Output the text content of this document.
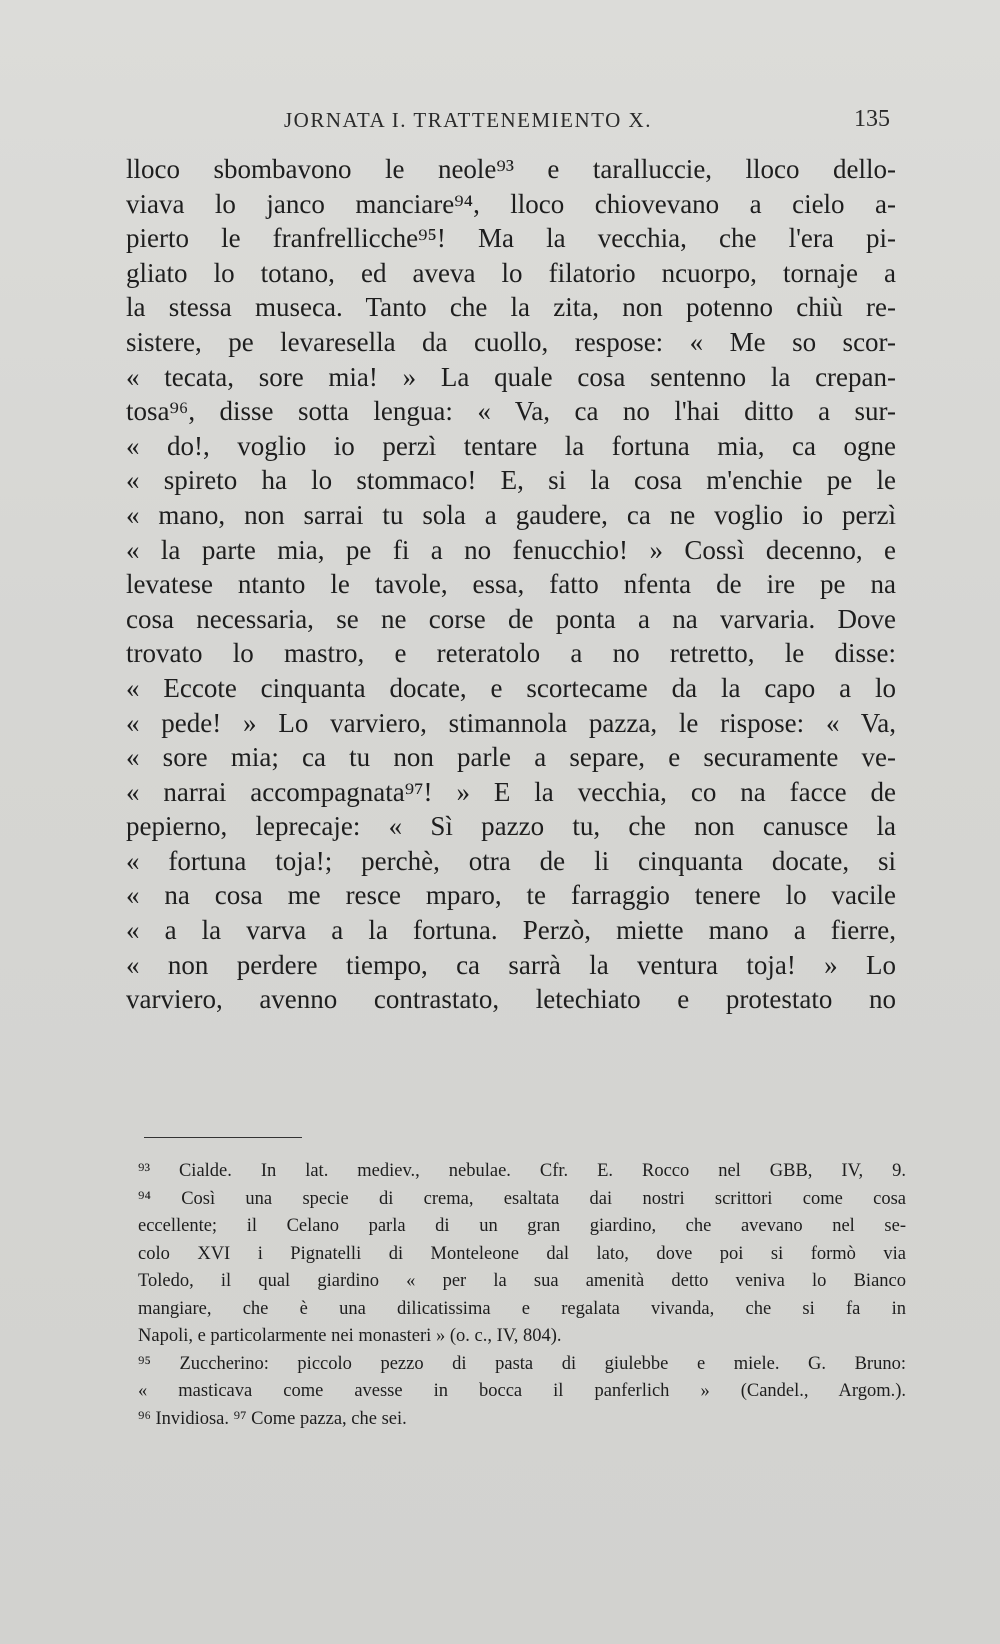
JORNATA I. TRATTENEMIENTO X.	135
lloco sbombavono le neole⁹³ e taralluccie, lloco dello-
viava lo janco manciare⁹⁴, lloco chiovevano a cielo a-
pierto le franfrellicche⁹⁵! Ma la vecchia, che l'era pi-
gliato lo totano, ed aveva lo filatorio ncuorpo, tornaje a
la stessa museca. Tanto che la zita, non potenno chiù re-
sistere, pe levaresella da cuollo, respose: « Me so scor-
« tecata, sore mia! » La quale cosa sentenno la crepan-
tosa⁹⁶, disse sotta lengua: « Va, ca no l'hai ditto a sur-
« do!, voglio io perzì tentare la fortuna mia, ca ogne
« spireto ha lo stommaco! E, si la cosa m'enchie pe le
« mano, non sarrai tu sola a gaudere, ca ne voglio io perzì
« la parte mia, pe fi a no fenucchio! » Cossì decenno, e
levatese ntanto le tavole, essa, fatto nfenta de ire pe na
cosa necessaria, se ne corse de ponta a na varvaria. Dove
trovato lo mastro, e reteratolo a no retretto, le disse:
« Eccote cinquanta docate, e scortecame da la capo a lo
« pede! » Lo varviero, stimannola pazza, le rispose: « Va,
« sore mia; ca tu non parle a separe, e securamente ve-
« narrai accompagnata⁹⁷! » E la vecchia, co na facce de
pepierno, leprecaje: « Sì pazzo tu, che non canusce la
« fortuna toja!; perchè, otra de li cinquanta docate, si
« na cosa me resce mparo, te farraggio tenere lo vacile
« a la varva a la fortuna. Perzò, miette mano a fierre,
« non perdere tiempo, ca sarrà la ventura toja! » Lo
varviero, avenno contrastato, letechiato e protestato no
⁹³ Cialde. In lat. mediev., nebulae. Cfr. E. Rocco nel GBB, IV, 9.
⁹⁴ Così una specie di crema, esaltata dai nostri scrittori come cosa
eccellente; il Celano parla di un gran giardino, che avevano nel se-
colo XVI i Pignatelli di Monteleone dal lato, dove poi si formò via
Toledo, il qual giardino « per la sua amenità detto veniva lo Bianco
mangiare, che è una dilicatissima e regalata vivanda, che si fa in
Napoli, e particolarmente nei monasteri » (o. c., IV, 804).
⁹⁵ Zuccherino: piccolo pezzo di pasta di giulebbe e miele. G. Bruno:
« masticava come avesse in bocca il panferlich » (Candel., Argom.).
⁹⁶ Invidiosa. ⁹⁷ Come pazza, che sei.
